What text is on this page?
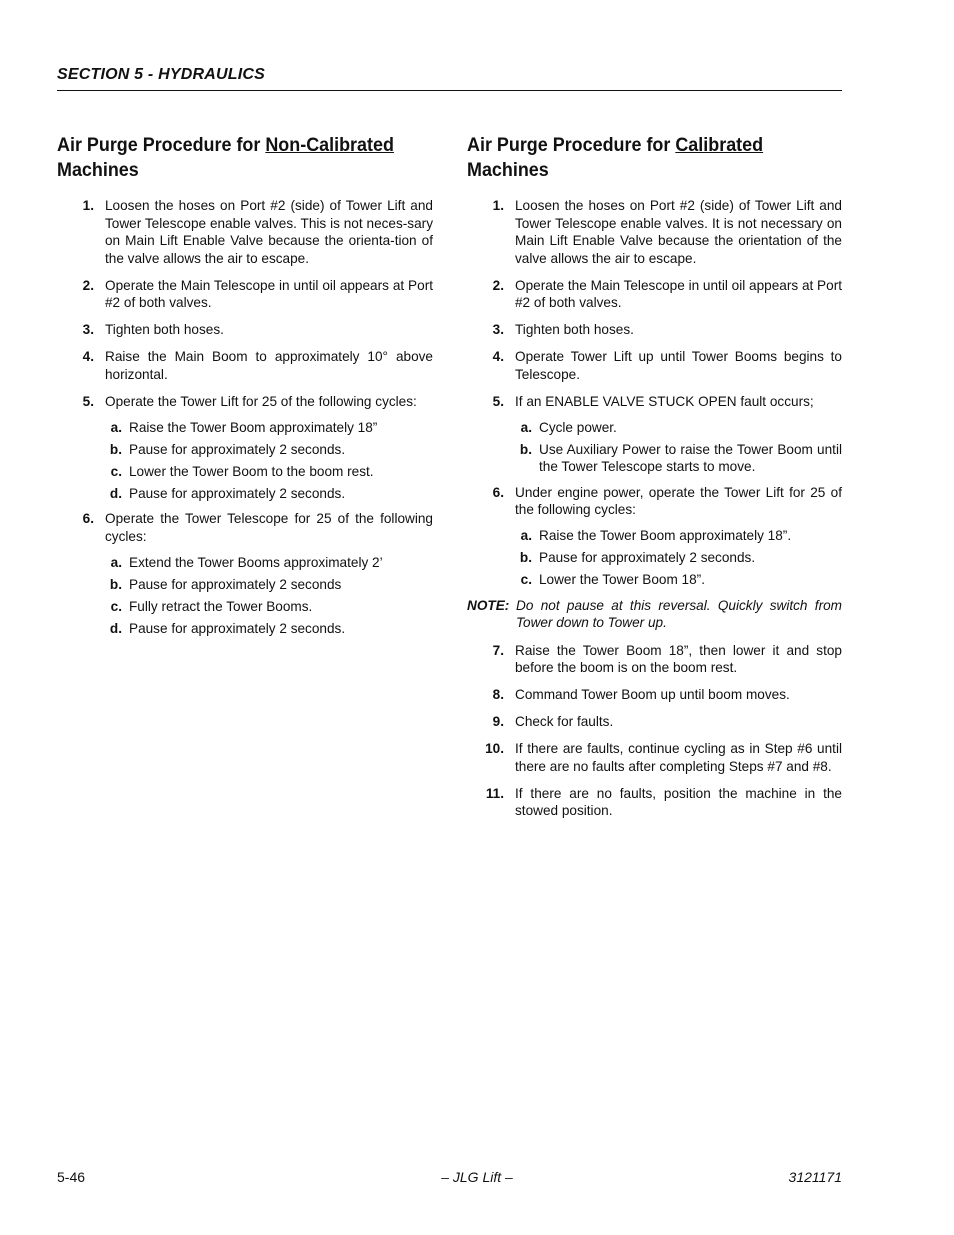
SECTION 5 - HYDRAULICS
Air Purge Procedure for Non-Calibrated
Machines
1. Loosen the hoses on Port #2 (side) of Tower Lift and Tower Telescope enable valves. This is not neces-sary on Main Lift Enable Valve because the orienta-tion of the valve allows the air to escape.
2. Operate the Main Telescope in until oil appears at Port #2 of both valves.
3. Tighten both hoses.
4. Raise the Main Boom to approximately 10° above horizontal.
5. Operate the Tower Lift for 25 of the following cycles:
a. Raise the Tower Boom approximately 18”
b. Pause for approximately 2 seconds.
c. Lower the Tower Boom to the boom rest.
d. Pause for approximately 2 seconds.
6. Operate the Tower Telescope for 25 of the following cycles:
a. Extend the Tower Booms approximately 2’
b. Pause for approximately 2 seconds
c. Fully retract the Tower Booms.
d. Pause for approximately 2 seconds.
Air Purge Procedure for Calibrated
Machines
1. Loosen the hoses on Port #2 (side) of Tower Lift and Tower Telescope enable valves. It is not necessary on Main Lift Enable Valve because the orientation of the valve allows the air to escape.
2. Operate the Main Telescope in until oil appears at Port #2 of both valves.
3. Tighten both hoses.
4. Operate Tower Lift up until Tower Booms begins to Telescope.
5. If an ENABLE VALVE STUCK OPEN fault occurs;
a. Cycle power.
b. Use Auxiliary Power to raise the Tower Boom until the Tower Telescope starts to move.
6. Under engine power, operate the Tower Lift for 25 of the following cycles:
a. Raise the Tower Boom approximately 18”.
b. Pause for approximately 2 seconds.
c. Lower the Tower Boom 18”.
NOTE: Do not pause at this reversal. Quickly switch from Tower down to Tower up.
7. Raise the Tower Boom 18”, then lower it and stop before the boom is on the boom rest.
8. Command Tower Boom up until boom moves.
9. Check for faults.
10. If there are faults, continue cycling as in Step #6 until there are no faults after completing Steps #7 and #8.
11. If there are no faults, position the machine in the stowed position.
5-46	– JLG Lift –	3121171
